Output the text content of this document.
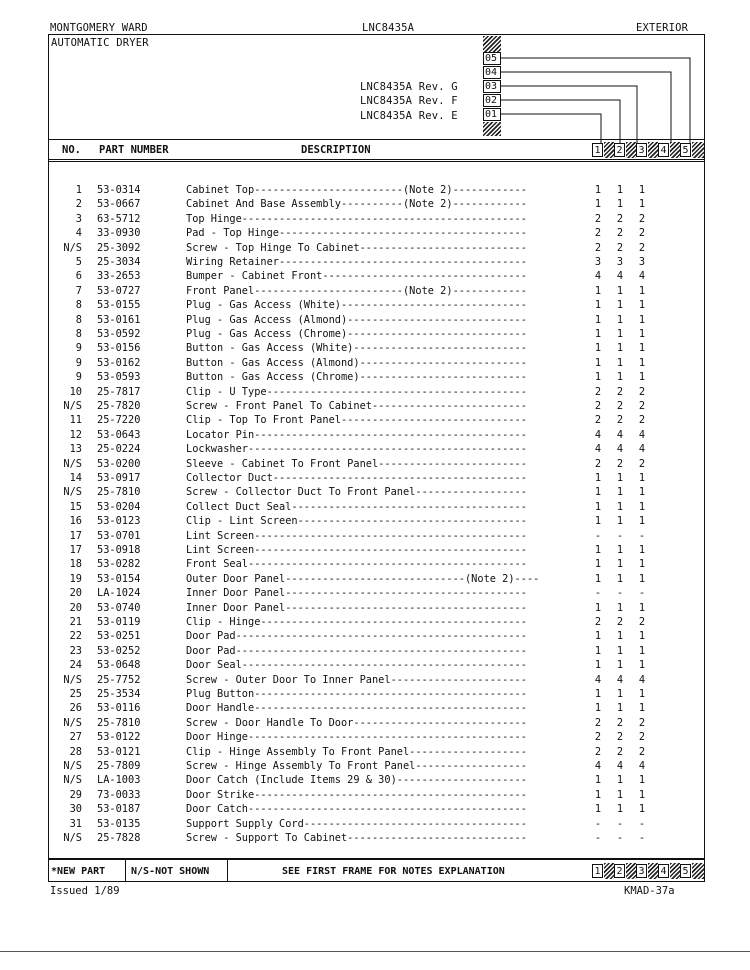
MONTGOMERY WARD	LNC8435A	EXTERIOR
AUTOMATIC DRYER
LNC8435A Rev. G
LNC8435A Rev. F
LNC8435A Rev. E
05
04
03
02
01
NO. PART NUMBER	DESCRIPTION	1 2 3 4 5
1 53-0314	Cabinet Top------------------------(Note 2)------------	1 1 1
2 53-0667	Cabinet And Base Assembly----------(Note 2)------------	1 1 1
3 63-5712	Top Hinge----------------------------------------------	2 2 2
4 33-0930	Pad - Top Hinge----------------------------------------	2 2 2
N/S 25-3092	Screw - Top Hinge To Cabinet---------------------------	2 2 2
5 25-3034	Wiring Retainer----------------------------------------	3 3 3
6 33-2653	Bumper - Cabinet Front---------------------------------	4 4 4
7 53-0727	Front Panel------------------------(Note 2)------------	1 1 1
8 53-0155	Plug - Gas Access (White)------------------------------	1 1 1
8 53-0161	Plug - Gas Access (Almond)-----------------------------	1 1 1
8 53-0592	Plug - Gas Access (Chrome)-----------------------------	1 1 1
9 53-0156	Button - Gas Access (White)----------------------------	1 1 1
9 53-0162	Button - Gas Access (Almond)---------------------------	1 1 1
9 53-0593	Button - Gas Access (Chrome)---------------------------	1 1 1
10 25-7817	Clip - U Type------------------------------------------	2 2 2
N/S 25-7820	Screw - Front Panel To Cabinet-------------------------	2 2 2
11 25-7220	Clip - Top To Front Panel------------------------------	2 2 2
12 53-0643	Locator Pin--------------------------------------------	4 4 4
13 25-0224	Lockwasher---------------------------------------------	4 4 4
N/S 53-0200	Sleeve - Cabinet To Front Panel------------------------	2 2 2
14 53-0917	Collector Duct-----------------------------------------	1 1 1
N/S 25-7810	Screw - Collector Duct To Front Panel------------------	1 1 1
15 53-0204	Collect Duct Seal--------------------------------------	1 1 1
16 53-0123	Clip - Lint Screen-------------------------------------	1 1 1
17 53-0701	Lint Screen--------------------------------------------	- - -
17 53-0918	Lint Screen--------------------------------------------	1 1 1
18 53-0282	Front Seal---------------------------------------------	1 1 1
19 53-0154	Outer Door Panel-----------------------------(Note 2)----	1 1 1
20 LA-1024	Inner Door Panel---------------------------------------	- - -
20 53-0740	Inner Door Panel---------------------------------------	1 1 1
21 53-0119	Clip - Hinge-------------------------------------------	2 2 2
22 53-0251	Door Pad-----------------------------------------------	1 1 1
23 53-0252	Door Pad-----------------------------------------------	1 1 1
24 53-0648	Door Seal----------------------------------------------	1 1 1
N/S 25-7752	Screw - Outer Door To Inner Panel----------------------	4 4 4
25 25-3534	Plug Button--------------------------------------------	1 1 1
26 53-0116	Door Handle--------------------------------------------	1 1 1
N/S 25-7810	Screw - Door Handle To Door----------------------------	2 2 2
27 53-0122	Door Hinge---------------------------------------------	2 2 2
28 53-0121	Clip - Hinge Assembly To Front Panel-------------------	2 2 2
N/S 25-7809	Screw - Hinge Assembly To Front Panel------------------	4 4 4
N/S LA-1003	Door Catch (Include Items 29 & 30)---------------------	1 1 1
29 73-0033	Door Strike--------------------------------------------	1 1 1
30 53-0187	Door Catch---------------------------------------------	1 1 1
31 53-0135	Support Supply Cord------------------------------------	- - -
N/S 25-7828	Screw - Support To Cabinet-----------------------------	- - -
*NEW PART	N/S-NOT SHOWN	SEE FIRST FRAME FOR NOTES EXPLANATION	1 2 3 4 5
Issued 1/89	KMAD-37a
